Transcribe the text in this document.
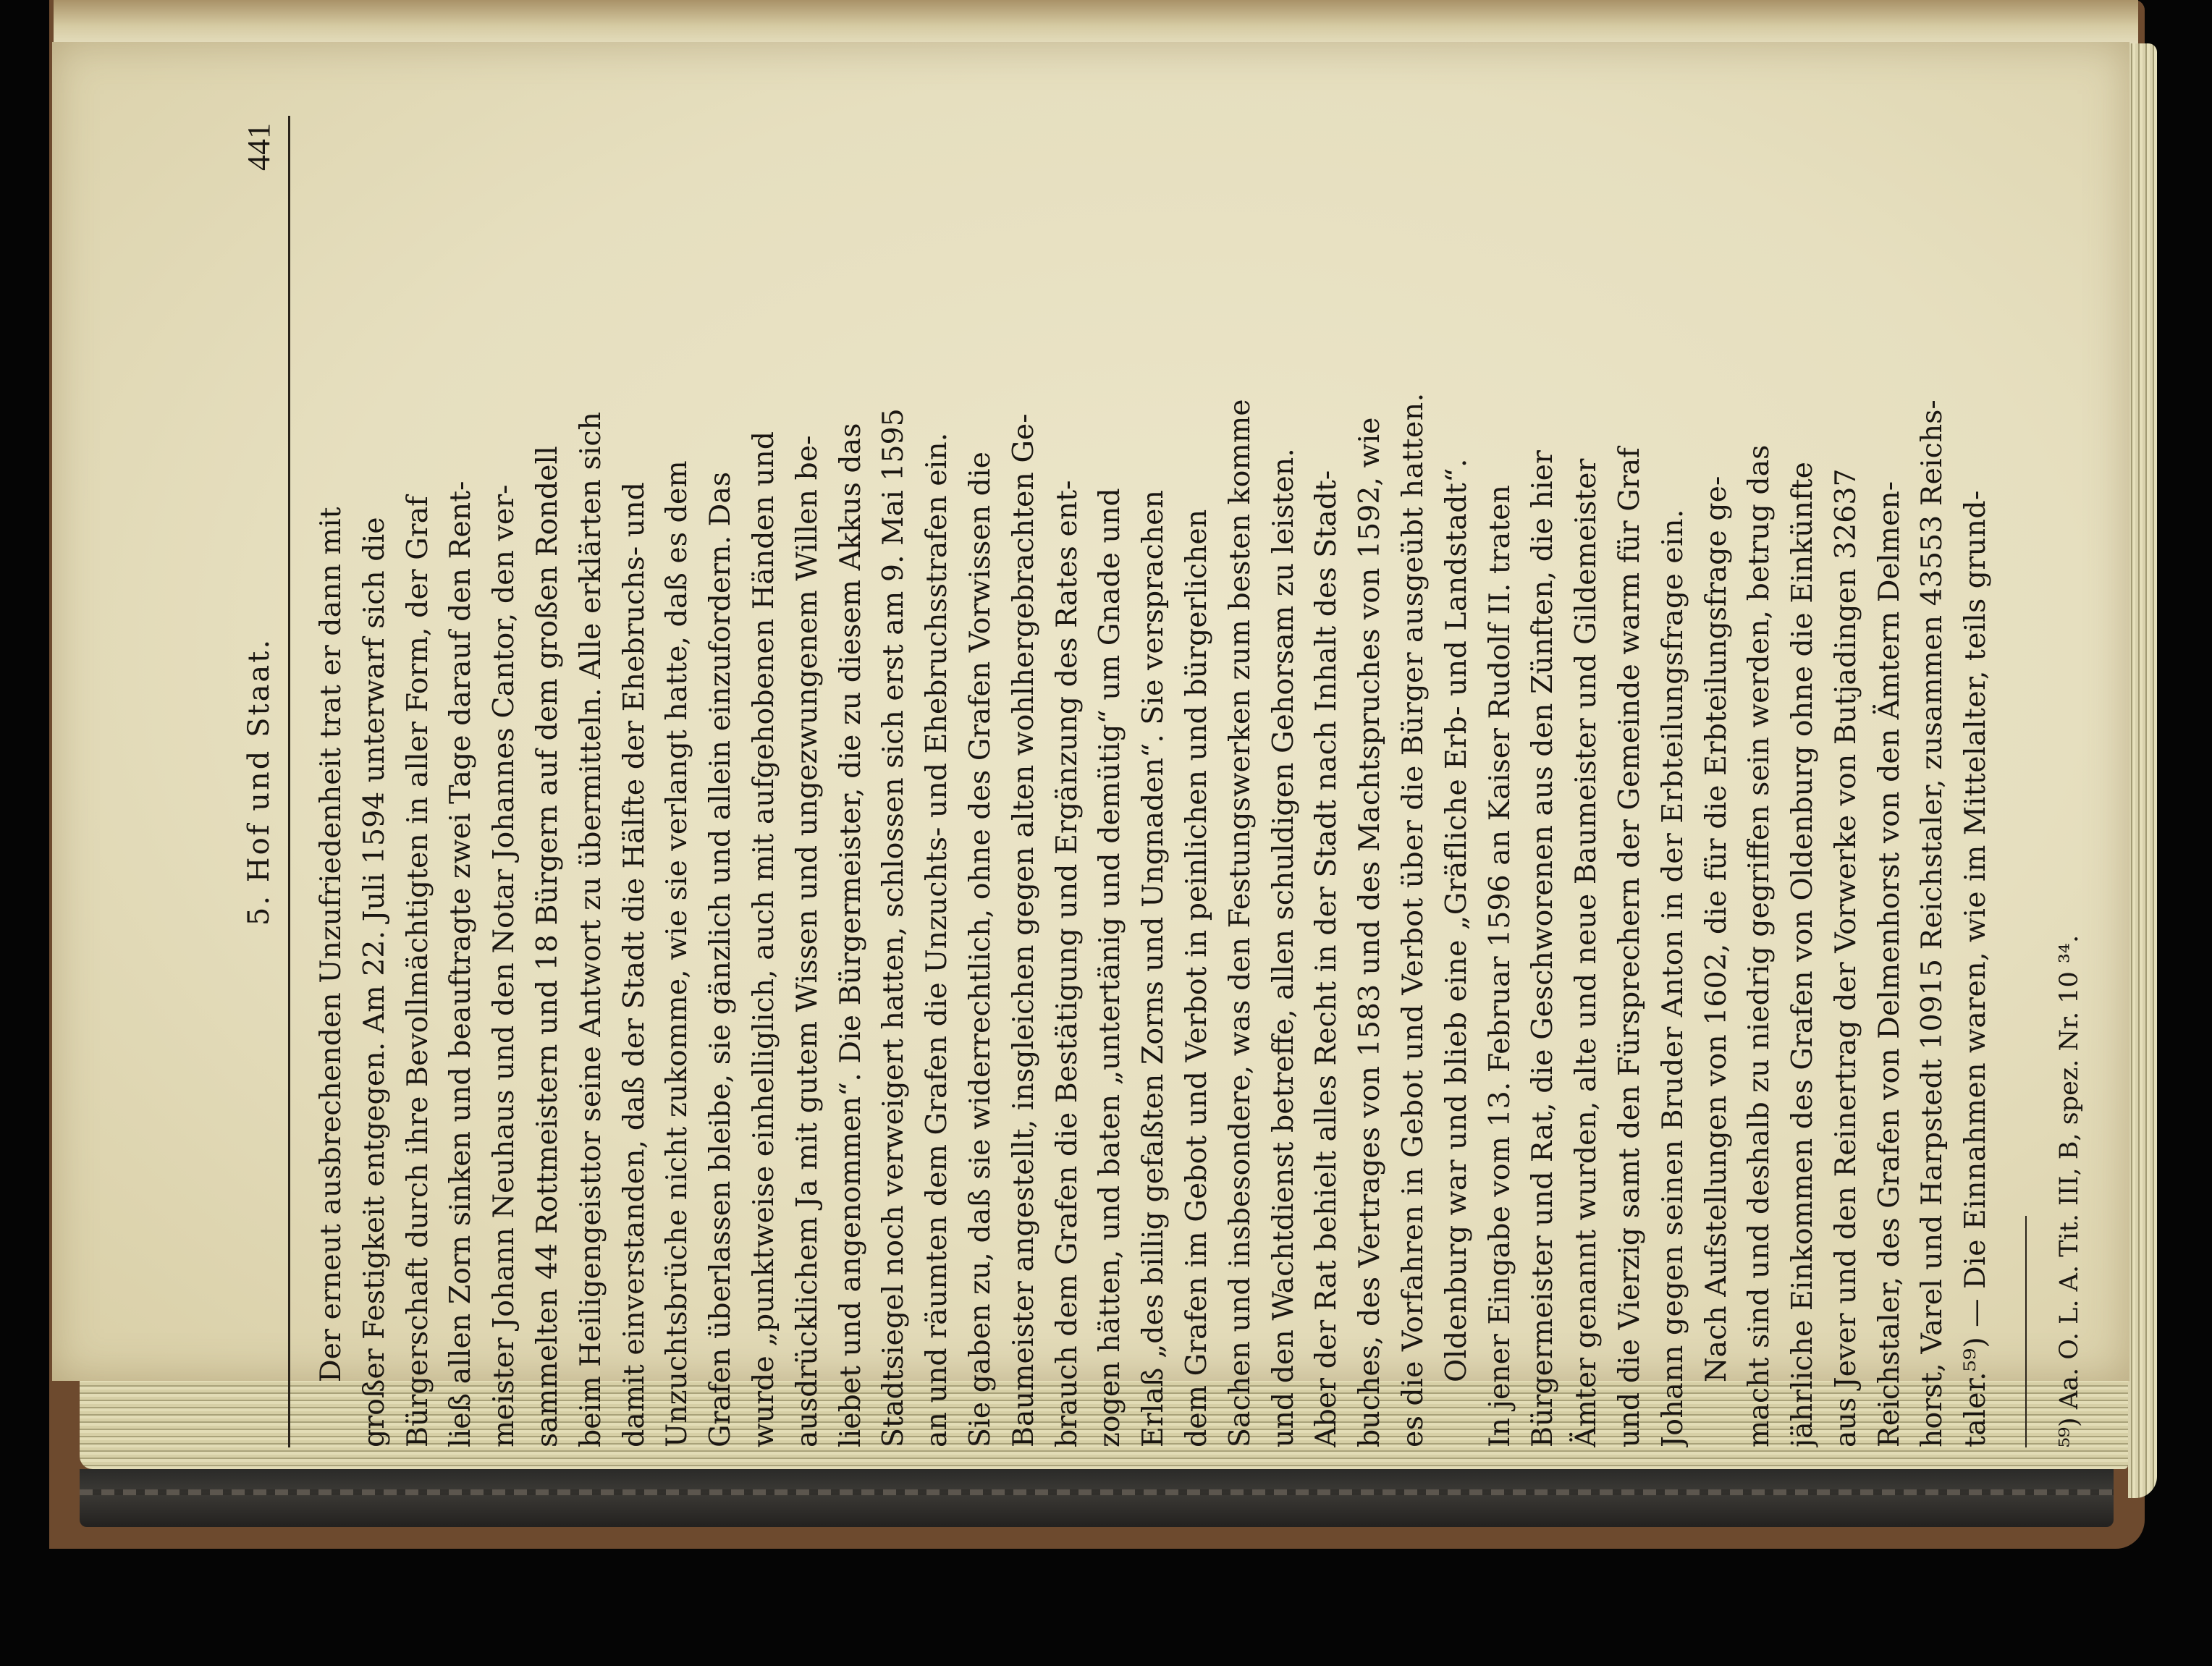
5. Hof und Staat.
441
Der erneut ausbrechenden Unzufriedenheit trat er dann mit großer Festigkeit entgegen. Am 22. Juli 1594 unterwarf sich die Bürgerschaft durch ihre Bevollmächtigten in aller Form, der Graf ließ allen Zorn sinken und beauftragte zwei Tage darauf den Rent- meister Johann Neuhaus und den Notar Johannes Cantor, den ver- sammelten 44 Rottmeistern und 18 Bürgern auf dem großen Rondell beim Heiligengeisttor seine Antwort zu übermitteln. Alle erklärten sich damit einverstanden, daß der Stadt die Hälfte der Ehebruchs- und Unzuchtsbrüche nicht zukomme, wie sie verlangt hatte, daß es dem Grafen überlassen bleibe, sie gänzlich und allein einzufordern. Das wurde „punktweise einhelliglich, auch mit aufgehobenen Händen und ausdrücklichem Ja mit gutem Wissen und ungezwungenem Willen be- liebet und angenommen“. Die Bürgermeister, die zu diesem Akkus das Stadtsiegel noch verweigert hatten, schlossen sich erst am 9. Mai 1595 an und räumten dem Grafen die Unzuchts- und Ehebruchsstrafen ein. Sie gaben zu, daß sie widerrechtlich, ohne des Grafen Vorwissen die Baumeister angestellt, insgleichen gegen alten wohlhergebrachten Ge- brauch dem Grafen die Bestätigung und Ergänzung des Rates ent- zogen hätten, und baten „untertänig und demütig“ um Gnade und Erlaß „des billig gefaßten Zorns und Ungnaden“. Sie versprachen dem Grafen im Gebot und Verbot in peinlichen und bürgerlichen Sachen und insbesondere, was den Festungswerken zum besten komme und den Wachtdienst betreffe, allen schuldigen Gehorsam zu leisten. Aber der Rat behielt alles Recht in der Stadt nach Inhalt des Stadt- buches, des Vertrages von 1583 und des Machtspruches von 1592, wie es die Vorfahren in Gebot und Verbot über die Bürger ausgeübt hatten. Oldenburg war und blieb eine „Gräfliche Erb- und Landstadt“. In jener Eingabe vom 13. Februar 1596 an Kaiser Rudolf II. traten Bürgermeister und Rat, die Geschworenen aus den Zünften, die hier Ämter genannt wurden, alte und neue Baumeister und Gildemeister und die Vierzig samt den Fürsprechern der Gemeinde warm für Graf Johann gegen seinen Bruder Anton in der Erbteilungsfrage ein. Nach Aufstellungen von 1602, die für die Erbteilungsfrage ge- macht sind und deshalb zu niedrig gegriffen sein werden, betrug das jährliche Einkommen des Grafen von Oldenburg ohne die Einkünfte aus Jever und den Reinertrag der Vorwerke von Butjadingen 32637 Reichstaler, des Grafen von Delmenhorst von den Ämtern Delmen- horst, Varel und Harpstedt 10915 Reichstaler, zusammen 43553 Reichs- taler.⁵⁹) — Die Einnahmen waren, wie im Mittelalter, teils grund- ⁵⁹) Aa. O. L. A. Tit. III, B, spez. Nr. 10 ³⁴.
